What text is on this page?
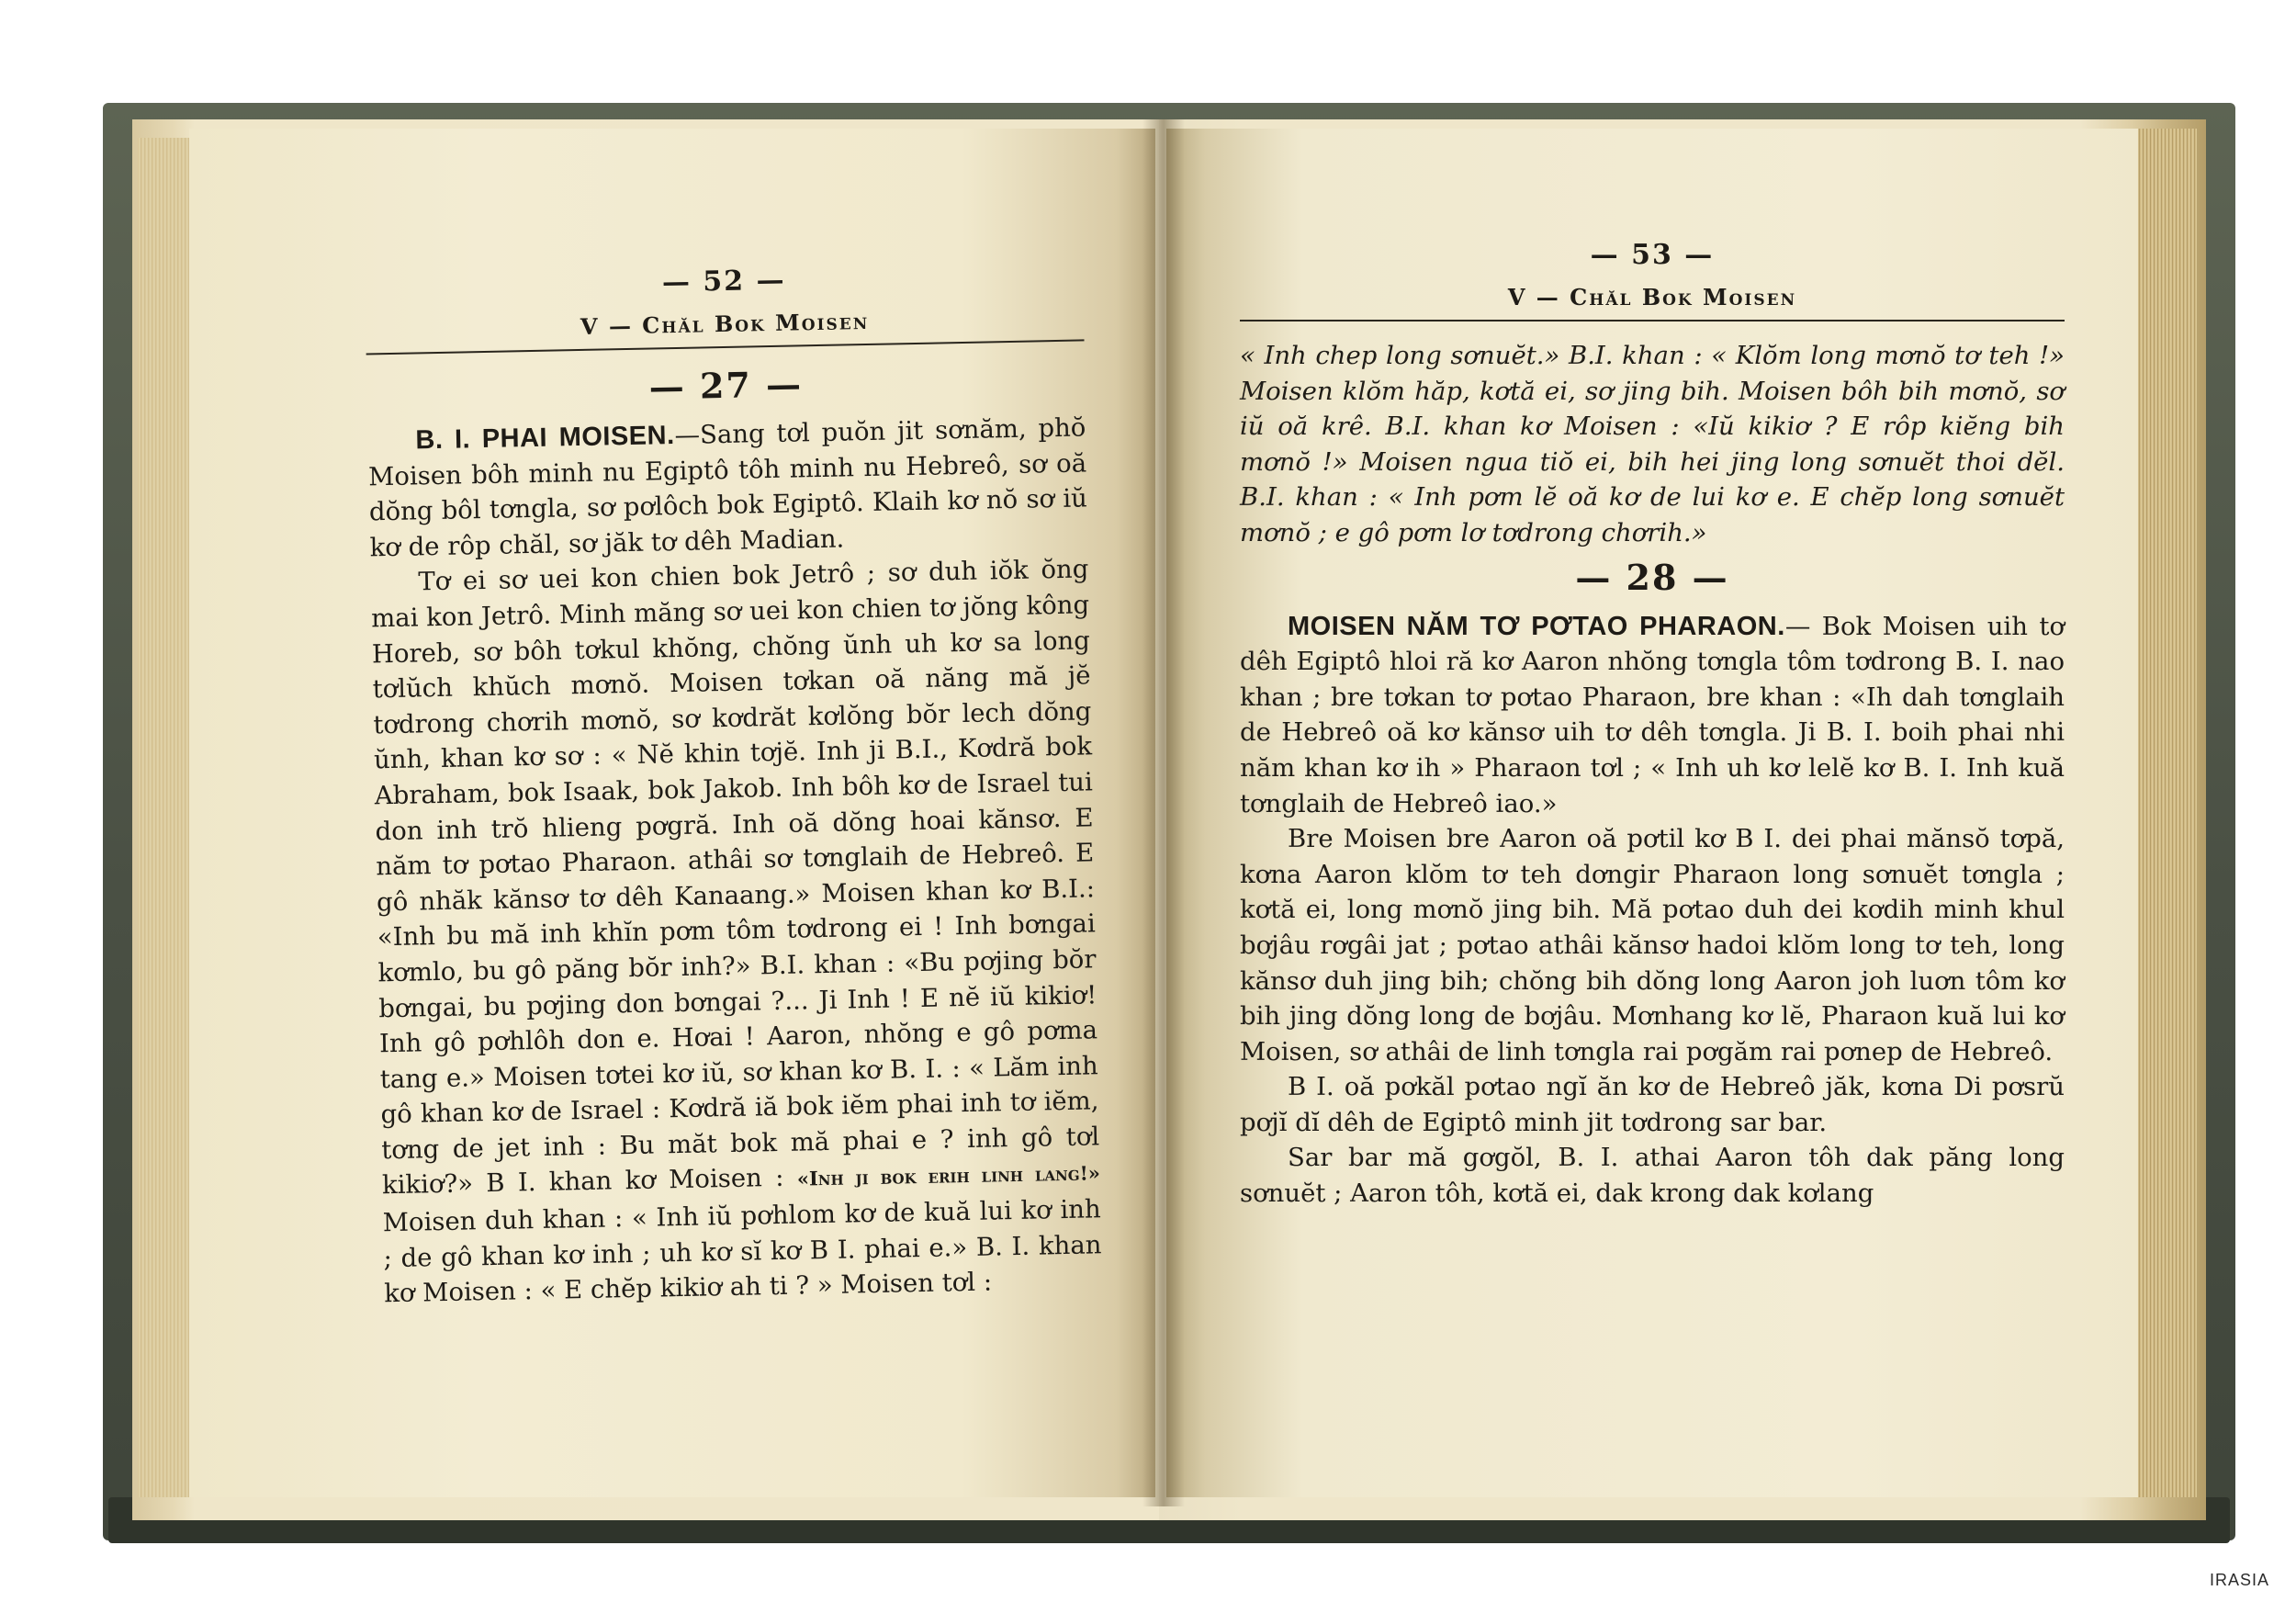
— 52 —
V — Chăl Bok Moisen
— 27 —

B. I. PHAI MOISEN.—Sang tơl puŏn jit sơnăm, phŏ Moisen bôh minh nu Egiptô tôh minh nu Hebreô, sơ oă dŏng bôl tơngla, sơ pơlôch bok Egiptô. Klaih kơ nŏ sơ iŭ kơ de rôp chăl, sơ jăk tơ dêh Madian.

Tơ ei sơ uei kon chien bok Jetrô ; sơ duh iŏk ŏng mai kon Jetrô. Minh măng sơ uei kon chien tơ jŏng kông Horeb, sơ bôh tơkul khŏng, chŏng ŭnh uh kơ sa long tơlŭch khŭch mơnŏ. Moisen tơkan oă năng mă jĕ tơdrong chơrih mơnŏ, sơ kơdrăt kơlŏng bŏr lech dŏng ŭnh, khan kơ sơ : « Nĕ khin tơjĕ. Inh ji B.I., Kơdră bok Abraham, bok Isaak, bok Jakob. Inh bôh kơ de Israel tui don inh trŏ hlieng pơgră. Inh oă dŏng hoai kănsơ. E năm tơ pơtao Pharaon. athâi sơ tơnglaih de Hebreô. E gô nhăk kănsơ tơ dêh Kanaang.» Moisen khan kơ B.I.: «Inh bu mă inh khĭn pơm tôm tơdrong ei ! Inh bơngai kơmlo, bu gô păng bŏr inh?» B.I. khan : «Bu pơjing bŏr bơngai, bu pơjing don bơngai ?... Ji Inh ! E nĕ iŭ kikiơ! Inh gô pơhlôh don e. Hơai ! Aaron, nhŏng e gô pơma tang e.» Moisen tơtei kơ iŭ, sơ khan kơ B. I. : « Lăm inh gô khan kơ de Israel : Kơdră iă bok iĕm phai inh tơ iĕm, tơng de jet inh : Bu măt bok mă phai e ? inh gô tơl kikiơ?» B I. khan kơ Moisen : «Inh ji bok erih linh lang!» Moisen duh khan : « Inh iŭ pơhlom kơ de kuă lui kơ inh ; de gô khan kơ inh ; uh kơ sĭ kơ B I. phai e.» B. I. khan kơ Moisen : « E chĕp kikiơ ah ti ? » Moisen tơl :

— 53 —
V — Chăl Bok Moisen

« Inh chep long sơnuĕt.» B.I. khan : « Klŏm long mơnŏ tơ teh !» Moisen klŏm hăp, kơtă ei, sơ jing bih. Moisen bôh bih mơnŏ, sơ iŭ oă krê. B.I. khan kơ Moisen : «Iŭ kikiơ ? E rôp kiĕng bih mơnŏ !» Moisen ngua tiŏ ei, bih hei jing long sơnuĕt thoi dĕl. B.I. khan : « Inh pơm lĕ oă kơ de lui kơ e. E chĕp long sơnuĕt mơnŏ ; e gô pơm lơ tơdrong chơrih.»

— 28 —

MOISEN NĂM TƠ PƠTAO PHARAON.— Bok Moisen uih tơ dêh Egiptô hloi ră kơ Aaron nhŏng tơngla tôm tơdrong B. I. nao khan ; bre tơkan tơ pơtao Pharaon, bre khan : «Ih dah tơnglaih de Hebreô oă kơ kănsơ uih tơ dêh tơngla. Ji B. I. boih phai nhi năm khan kơ ih » Pharaon tơl ; « Inh uh kơ lelĕ kơ B. I. Inh kuă tơnglaih de Hebreô iao.»

Bre Moisen bre Aaron oă pơtil kơ B I. dei phai mănsŏ tơpă, kơna Aaron klŏm tơ teh dơngir Pharaon long sơnuĕt tơngla ; kơtă ei, long mơnŏ jing bih. Mă pơtao duh dei kơdih minh khul bơjâu rơgâi jat ; pơtao athâi kănsơ hadoi klŏm long tơ teh, long kănsơ duh jing bih; chŏng bih dŏng long Aaron joh luơn tôm kơ bih jing dŏng long de bơjâu. Mơnhang kơ lĕ, Pharaon kuă lui kơ Moisen, sơ athâi de linh tơngla rai pơgăm rai pơnep de Hebreô.

B I. oă pơkăl pơtao ngĭ ăn kơ de Hebreô jăk, kơna Di pơsrŭ pơjĭ dĭ dêh de Egiptô minh jit tơdrong sar bar.

Sar bar mă gơgŏl, B. I. athai Aaron tôh dak păng long sơnuĕt ; Aaron tôh, kơtă ei, dak krong dak kơlang

IRASIA
